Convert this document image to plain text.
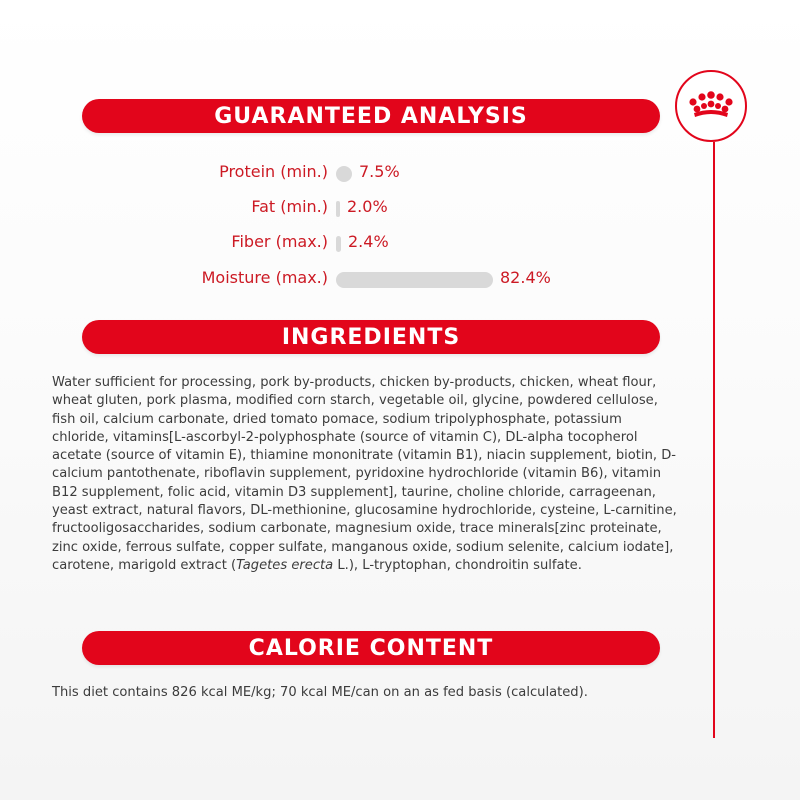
GUARANTEED ANALYSIS
Protein (min.) 7.5%
Fat (min.) 2.0%
Fiber (max.) 2.4%
Moisture (max.)	82.4%
INGREDIENTS

Water sufficient for processing, pork by-products, chicken by-products, chicken, wheat flour, wheat gluten, pork plasma, modified corn starch, vegetable oil, glycine, powdered cellulose, fish oil, calcium carbonate, dried tomato pomace, sodium tripolyphosphate, potassium chloride, vitamins[L-ascorbyl-2-polyphosphate (source of vitamin C), DL-alpha tocopherol acetate (source of vitamin E), thiamine mononitrate (vitamin B1), niacin supplement, biotin, D-calcium pantothenate, riboflavin supplement, pyridoxine hydrochloride (vitamin B6), vitamin B12 supplement, folic acid, vitamin D3 supplement], taurine, choline chloride, carrageenan, yeast extract, natural flavors, DL-methionine, glucosamine hydrochloride, cysteine, L-carnitine, fructooligosaccharides, sodium carbonate, magnesium oxide, trace minerals[zinc proteinate, zinc oxide, ferrous sulfate, copper sulfate, manganous oxide, sodium selenite, calcium iodate], carotene, marigold extract (Tagetes erecta L.), L-tryptophan, chondroitin sulfate.

CALORIE CONTENT

This diet contains 826 kcal ME/kg; 70 kcal ME/can on an as fed basis (calculated).
